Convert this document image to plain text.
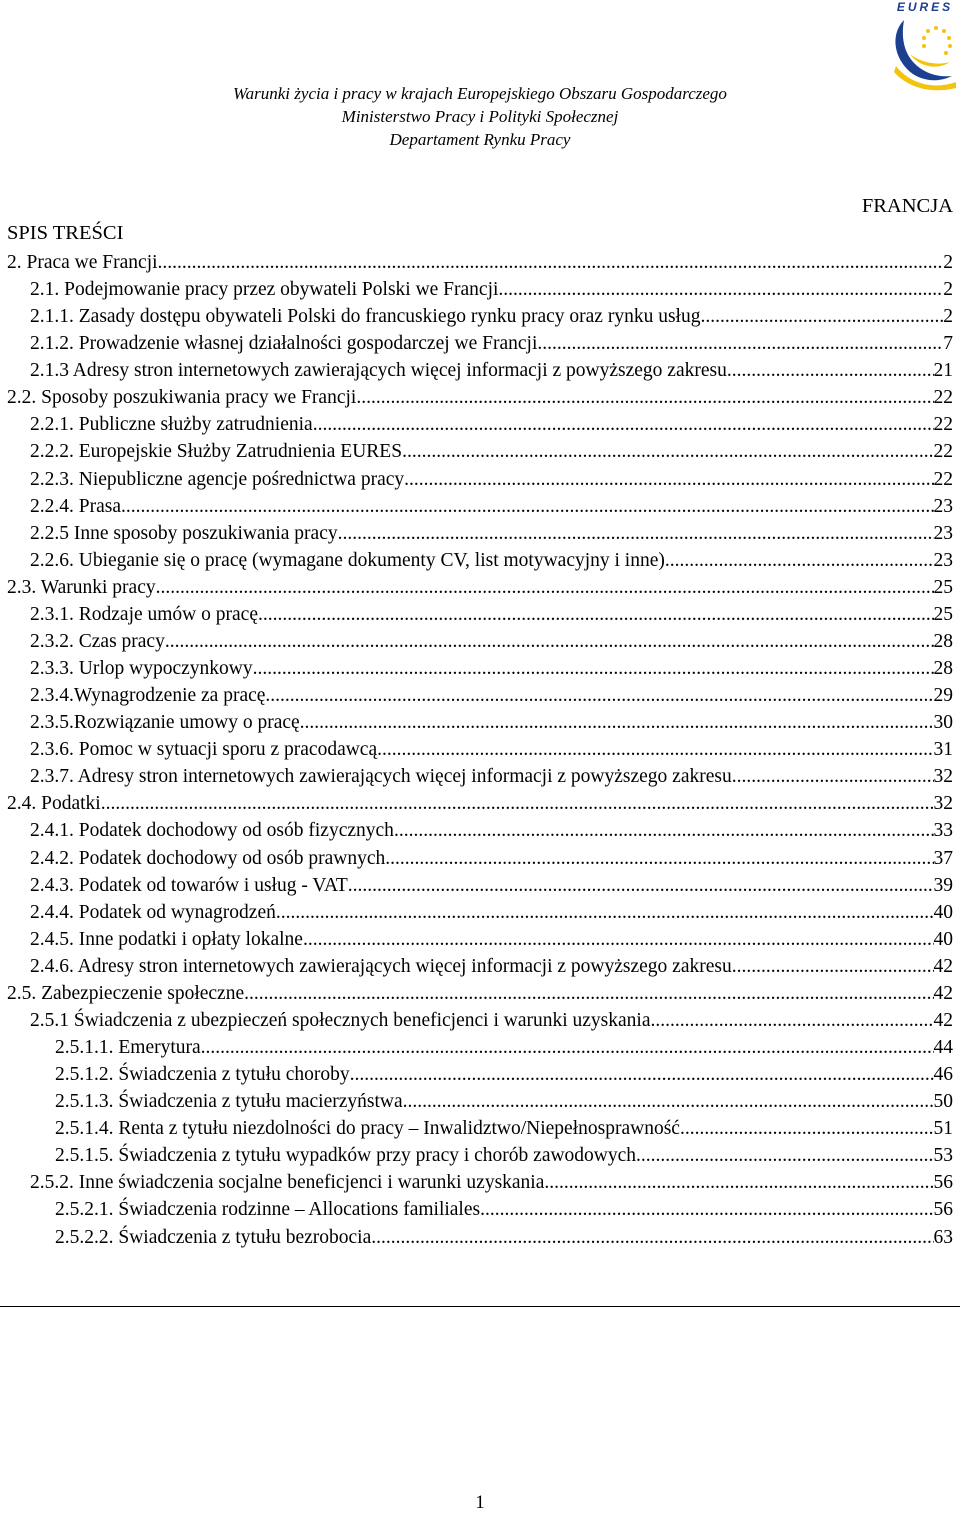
EURES
Warunki życia i pracy w krajach Europejskiego Obszaru Gospodarczego
Ministerstwo Pracy i Polityki Społecznej
Departament Rynku Pracy
FRANCJA
SPIS TREŚCI
2. Praca we Francji .....	2
2.1. Podejmowanie pracy przez obywateli Polski we Francji .....	2
2.1.1. Zasady dostępu obywateli Polski do francuskiego rynku pracy oraz rynku usług .....	2
2.1.2. Prowadzenie własnej działalności gospodarczej we Francji .....	7
2.1.3 Adresy stron internetowych zawierających więcej informacji z powyższego zakresu .....	21
2.2. Sposoby poszukiwania pracy we Francji .....	22
2.2.1. Publiczne służby zatrudnienia .....	22
2.2.2. Europejskie Służby Zatrudnienia EURES .....	22
2.2.3. Niepubliczne agencje pośrednictwa pracy .....	22
2.2.4. Prasa .....	23
2.2.5 Inne sposoby poszukiwania pracy .....	23
2.2.6. Ubieganie się o pracę (wymagane dokumenty CV, list motywacyjny i inne) .....	23
2.3. Warunki pracy .....	25
2.3.1. Rodzaje umów o pracę .....	25
2.3.2. Czas pracy .....	28
2.3.3. Urlop wypoczynkowy .....	28
2.3.4.Wynagrodzenie za pracę .....	29
2.3.5.Rozwiązanie umowy o pracę .....	30
2.3.6. Pomoc w sytuacji sporu z pracodawcą .....	31
2.3.7. Adresy stron internetowych zawierających więcej informacji z powyższego zakresu .....	32
2.4. Podatki .....	32
2.4.1. Podatek dochodowy od osób fizycznych .....	33
2.4.2. Podatek dochodowy od osób prawnych .....	37
2.4.3. Podatek od towarów i usług - VAT .....	39
2.4.4. Podatek od wynagrodzeń .....	40
2.4.5. Inne podatki i opłaty lokalne .....	40
2.4.6. Adresy stron internetowych zawierających więcej informacji z powyższego zakresu .....	42
2.5. Zabezpieczenie społeczne .....	42
2.5.1 Świadczenia z ubezpieczeń społecznych beneficjenci i warunki uzyskania .....	42
2.5.1.1. Emerytura .....	44
2.5.1.2. Świadczenia z tytułu choroby .....	46
2.5.1.3. Świadczenia z tytułu macierzyństwa .....	50
2.5.1.4. Renta z tytułu niezdolności do pracy – Inwalidztwo/Niepełnosprawność .....	51
2.5.1.5. Świadczenia z tytułu wypadków przy pracy i chorób zawodowych .....	53
2.5.2. Inne świadczenia socjalne beneficjenci i warunki uzyskania .....	56
2.5.2.1. Świadczenia rodzinne – Allocations familiales .....	56
2.5.2.2. Świadczenia z tytułu bezrobocia .....	63
1
